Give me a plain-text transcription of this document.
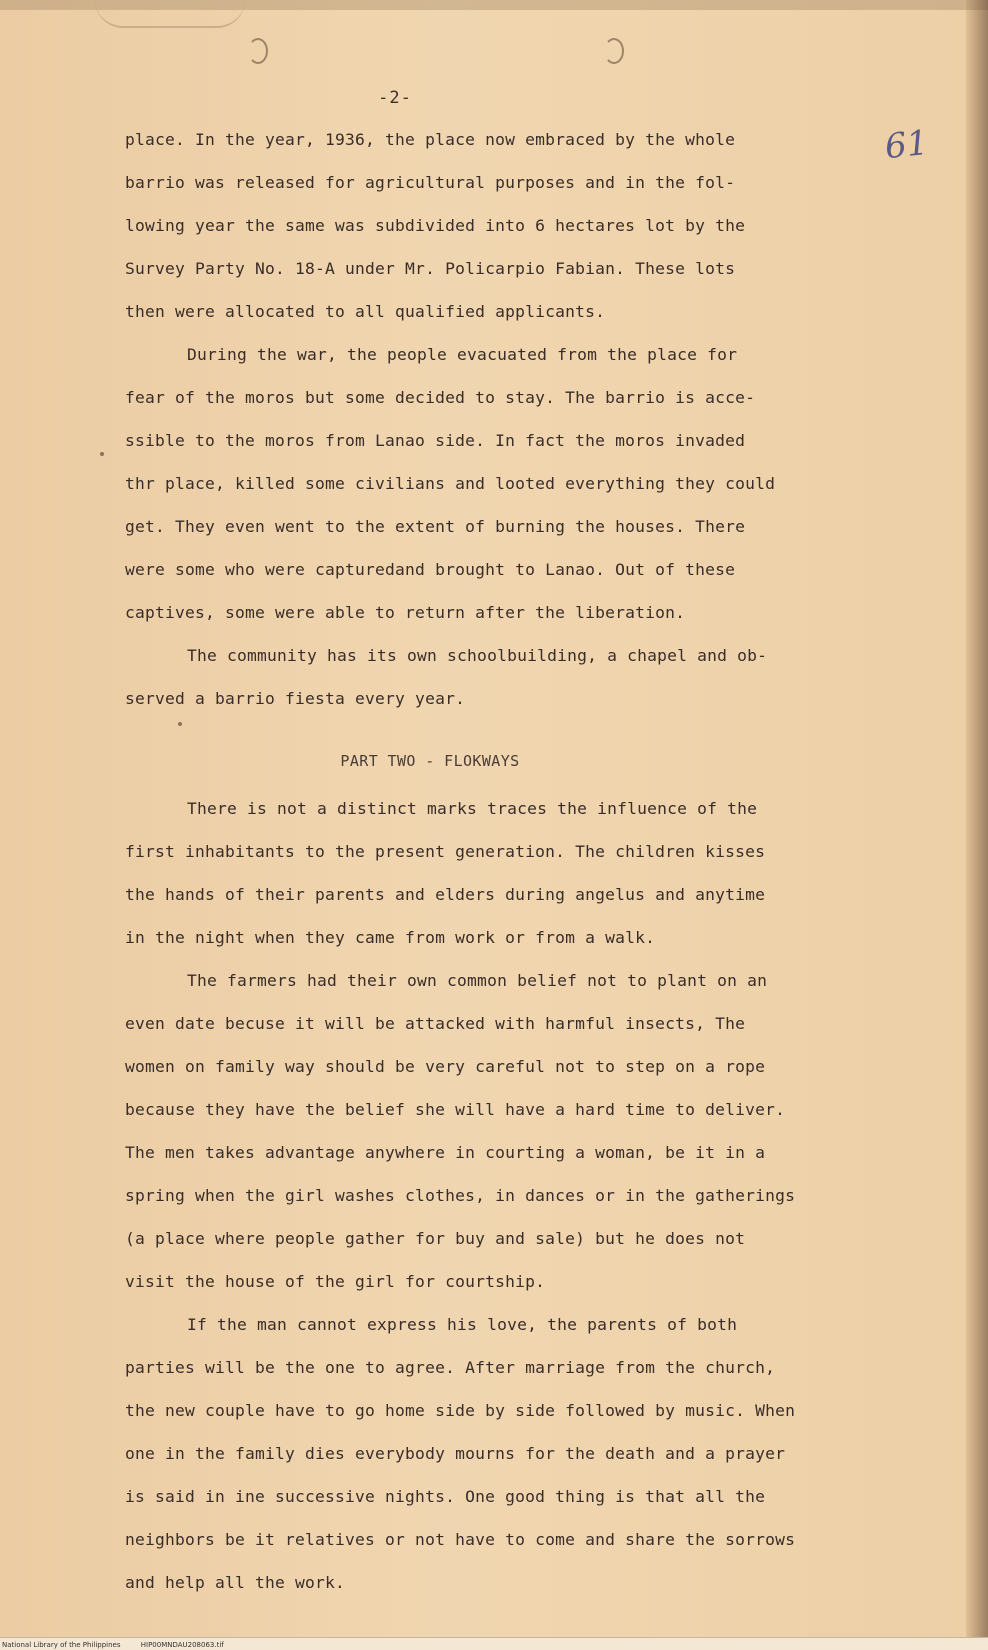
-2-
61
place. In the year, 1936, the place now embraced by the whole
barrio was released for agricultural purposes and in the fol-
lowing year the same was subdivided into 6 hectares lot by the
Survey Party No. 18-A under Mr. Policarpio Fabian. These lots
then were allocated to all qualified applicants.
During the war, the people evacuated from the place for
fear of the moros but some decided to stay. The barrio is acce-
ssible to the moros from Lanao side. In fact the moros invaded
thr place, killed some civilians and looted everything they could
get. They even went to the extent of burning the houses. There
were some who were capturedand brought to Lanao. Out of these
captives, some were able to return after the liberation.
The community has its own schoolbuilding, a chapel and ob-
served a barrio fiesta every year.
PART TWO - FLOKWAYS
There is not a distinct marks traces the influence of the
first inhabitants to the present generation. The children kisses
the hands of their parents and elders during angelus and anytime
in the night when they came from work or from a walk.
The farmers had their own common belief not to plant on an
even date becuse it will be attacked with harmful insects, The
women on family way should be very careful not to step on a rope
because they have the belief she will have a hard time to deliver.
The men takes advantage anywhere in courting a woman, be it in a
spring when the girl washes clothes, in dances or in the gatherings
(a place where people gather for buy and sale) but he does not
visit the house of the girl for courtship.
If the man cannot express his love, the parents of both
parties will be the one to agree. After marriage from the church,
the new couple have to go home side by side followed by music. When
one in the family dies everybody mourns for the death and a prayer
is said in ine successive nights. One good thing is that all the
neighbors be it relatives or not have to come and share the sorrows
and help all the work.
National Library of the Philippines	HIP00MNDAU208063.tif
